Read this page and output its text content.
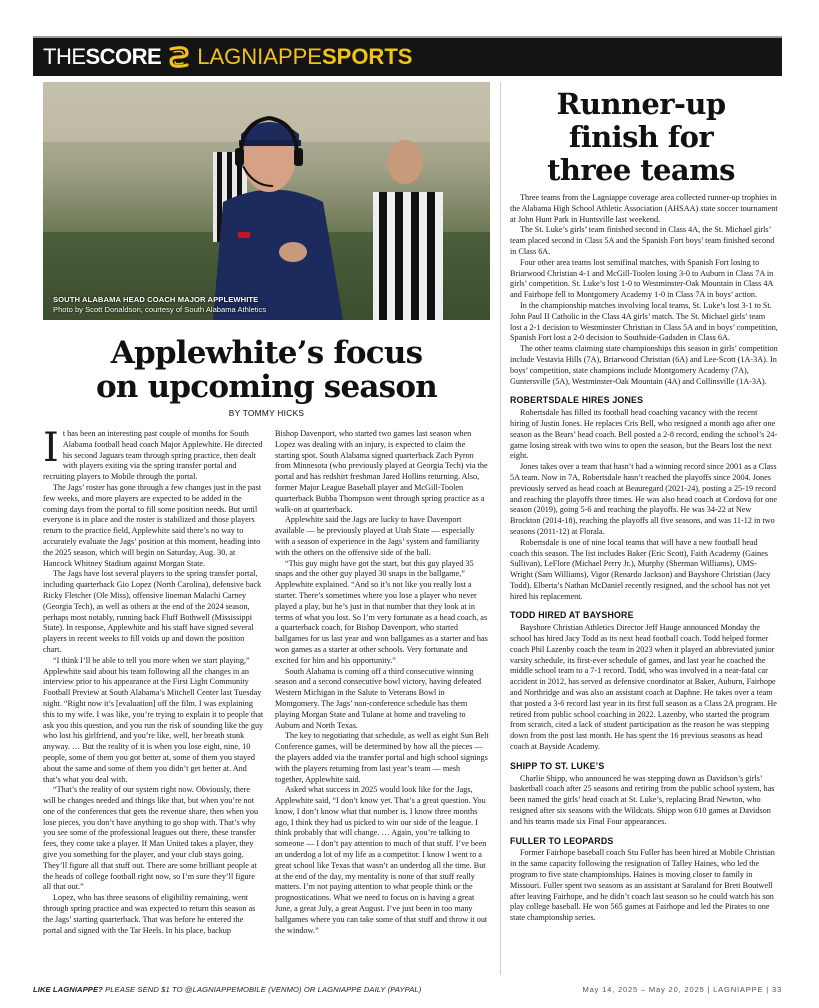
THE SCORE LAGNIAPPE SPORTS
SOUTH ALABAMA HEAD COACH MAJOR APPLEWHITE
Photo by Scott Donaldson, courtesy of South Alabama Athletics
Applewhite’s focus
on upcoming season
BY TOMMY HICKS

It has been an interesting past couple of months for South Alabama football head coach Major Applewhite. He directed his second Jaguars team through spring practice, then dealt with players exiting via the spring transfer portal and recruiting players to Mobile through the portal.

The Jags’ roster has gone through a few changes just in the past few weeks, and more players are expected to be added in the coming days from the portal to fill some position needs. But until everyone is in place and the roster is stabilized and those players return to the practice field, Applewhite said there’s no way to accurately evaluate the Jags’ position at this moment, heading into the 2025 season, which will begin on Saturday, Aug. 30, at Hancock Whitney Stadium against Morgan State.

The Jags have lost several players to the spring transfer portal, including quarterback Gio Lopez (North Carolina), defensive back Ricky Fletcher (Ole Miss), offensive lineman Malachi Carney (Georgia Tech), as well as others at the end of the 2024 season, perhaps most notably, running back Fluff Bothwell (Mississippi State). In response, Applewhite and his staff have signed several players in recent weeks to fill voids up and down the position chart.

“I think I’ll be able to tell you more when we start playing,” Applewhite said about his team following all the changes in an interview prior to his appearance at the First Light Community Football Preview at South Alabama’s Mitchell Center last Tuesday night. “Right now it’s [evaluation] off the film. I was explaining this to my wife. I was like, you’re trying to explain it to people that ask you this question, and you run the risk of sounding like the guy who lost his girlfriend, and you’re like, well, her breath stunk anyway. … But the reality of it is when you lose eight, nine, 10 people, some of them you got better at, some of them you stayed about the same and some of them you didn’t get better at. And that’s what you deal with.

“That’s the reality of our system right now. Obviously, there will be changes needed and things like that, but when you’re not one of the conferences that gets the revenue share, then when you lose pieces, you don’t have anything to go shop with. That’s why you see some of the professional leagues out there, these transfer fees, they come take a player. If Man United takes a player, they give you something for the player, and your club stays going. They’ll figure all that stuff out. There are some brilliant people at the heads of college football right now, so I’m sure they’ll figure all that out.”

Lopez, who has three seasons of eligibility remaining, went through spring practice and was expected to return this season as the Jags’ starting quarterback. That was before he entered the portal and signed with the Tar Heels. In his place, backup

Bishop Davenport, who started two games last season when Lopez was dealing with an injury, is expected to claim the starting spot. South Alabama signed quarterback Zach Pyron from Minnesota (who previously played at Georgia Tech) via the portal and has redshirt freshman Jared Hollins returning. Also, former Major League Baseball player and McGill-Toolen quarterback Bubba Thompson went through spring practice as a walk-on at quarterback.

Applewhite said the Jags are lucky to have Davenport available — he previously played at Utah State — especially with a season of experience in the Jags’ system and familiarity with the others on the offensive side of the ball.

“This guy might have got the start, but this guy played 35 snaps and the other guy played 30 snaps in the ballgame,” Applewhite explained. “And so it’s not like you really lost a starter. There’s sometimes where you lose a player who never played a play, but he’s just in that number that they look at in terms of what you lost. So I’m very fortunate as a head coach, as a quarterback coach, for Bishop Davenport, who started ballgames for us last year and won ballgames as a starter and has won games as a starter at other schools. Very fortunate and excited for him and his opportunity.”

South Alabama is coming off a third consecutive winning season and a second consecutive bowl victory, having defeated Western Michigan in the Salute to Veterans Bowl in Montgomery. The Jags’ non-conference schedule has them playing Morgan State and Tulane at home and traveling to Auburn and North Texas.

The key to negotiating that schedule, as well as eight Sun Belt Conference games, will be determined by how all the pieces — the players added via the transfer portal and high school signings with the players returning from last year’s team — mesh together, Applewhite said.

Asked what success in 2025 would look like for the Jags, Applewhite said, “I don’t know yet. That’s a great question. You know, I don’t know what that number is. I know three months ago, I think they had us picked to win our side of the league. I think probably that will change. … Again, you’re talking to someone — I don’t pay attention to much of that stuff. I’ve been an underdog a lot of my life as a competitor. I know I went to a great school like Texas that wasn’t an underdog all the time. But at the end of the day, my mentality is none of that stuff really matters. I’m not paying attention to what people think or the prognostications. What we need to focus on is having a great June, a great July, a great August. I’ve just been in too many ballgames where you can take some of that stuff and throw it out the window.”

Runner-up
finish for
three teams

Three teams from the Lagniappe coverage area collected runner-up trophies in the Alabama High School Athletic Association (AHSAA) state soccer tournament at John Hunt Park in Huntsville last weekend.

The St. Luke’s girls’ team finished second in Class 4A, the St. Michael girls’ team placed second in Class 5A and the Spanish Fort boys’ team finished second in Class 6A.

Four other area teams lost semifinal matches, with Spanish Fort losing to Briarwood Christian 4-1 and McGill-Toolen losing 3-0 to Auburn in Class 7A in girls’ competition. St. Luke’s lost 1-0 to Westminster-Oak Mountain in Class 4A and Fairhope fell to Montgomery Academy 1-0 in Class 7A in boys’ action.

In the championship matches involving local teams, St. Luke’s lost 3-1 to St. John Paul II Catholic in the Class 4A girls’ match. The St. Michael girls’ team lost a 2-1 decision to Westminster Christian in Class 5A and in boys’ competition, Spanish Fort lost a 2-0 decision to Southside-Gadsden in Class 6A.

The other teams claiming state championships this season in girls’ competition include Vestavia Hills (7A), Briarwood Christian (6A) and Lee-Scott (1A-3A). In boys’ competition, state champions include Montgomery Academy (7A), Guntersville (5A), Westminster-Oak Mountain (4A) and Collinsville (1A-3A).

ROBERTSDALE HIRES JONES

Robertsdale has filled its football head coaching vacancy with the recent hiring of Justin Jones. He replaces Cris Bell, who resigned a month ago after one season as the Bears’ head coach. Bell posted a 2-8 record, ending the school’s 24-game losing streak with two wins to open the season, but the Bears lost the next eight.

Jones takes over a team that hasn’t had a winning record since 2001 as a Class 5A team. Now in 7A, Robertsdale hasn’t reached the playoffs since 2004. Jones previously served as head coach at Beauregard (2021-24), posting a 25-19 record and reaching the playoffs three times. He was also head coach at Cordova for one season (2019), going 5-6 and reaching the playoffs. He was 34-22 at New Brockton (2014-18), reaching the playoffs all five seasons, and was 11-12 in two seasons (2011-12) at Florala.

Robertsdale is one of nine local teams that will have a new football head coach this season. The list includes Baker (Eric Scott), Faith Academy (Gaines Sullivan), LeFlore (Michael Perry Jr.), Murphy (Sherman Williams), UMS-Wright (Sam Williams), Vigor (Renardo Jackson) and Bayshore Christian (Jacy Todd). Elberta’s Nathan McDaniel recently resigned, and the school has not yet hired his replacement.

TODD HIRED AT BAYSHORE

Bayshore Christian Athletics Director Jeff Hauge announced Monday the school has hired Jacy Todd as its next head football coach. Todd helped former coach Phil Lazenby coach the team in 2023 when it played an abbreviated junior varsity schedule, its first-ever schedule of games, and last year he coached the middle school team to a 7-1 record. Todd, who was involved in a near-fatal car accident in 2012, has served as defensive coordinator at Baker, Auburn, Fairhope and Northridge and was also an assistant coach at Daphne. He takes over a team that posted a 3-6 record last year in its first full season as a Class 2A program. He retired from public school coaching in 2022. Lazenby, who started the program from scratch, cited a lack of student participation as the reason he was stepping down from the post last month. He has spent the 16 previous seasons as head coach at Bayside Academy.

SHIPP TO ST. LUKE’S

Charlie Shipp, who announced he was stepping down as Davidson’s girls’ basketball coach after 25 seasons and retiring from the public school system, has been named the girls’ head coach at St. Luke’s, replacing Brad Newton, who resigned after six seasons with the Wildcats. Shipp won 610 games at Davidson and his teams made six Final Four appearances.

FULLER TO LEOPARDS

Former Fairhope baseball coach Stu Fuller has been hired at Mobile Christian in the same capacity following the resignation of Talley Haines, who led the program to five state championships. Haines is moving closer to family in Missouri. Fuller spent two seasons as an assistant at Saraland for Brett Boutwell after leaving Fairhope, and he didn’t coach last season so he could watch his son play college baseball. He won 565 games at Fairhope and led the Pirates to one state championship series.

LIKE LAGNIAPPE? PLEASE SEND $1 TO @LAGNIAPPEMOBILE (VENMO) OR LAGNIAPPE DAILY (PAYPAL)	May 14, 2025 – May 20, 2025 | LAGNIAPPE | 33
